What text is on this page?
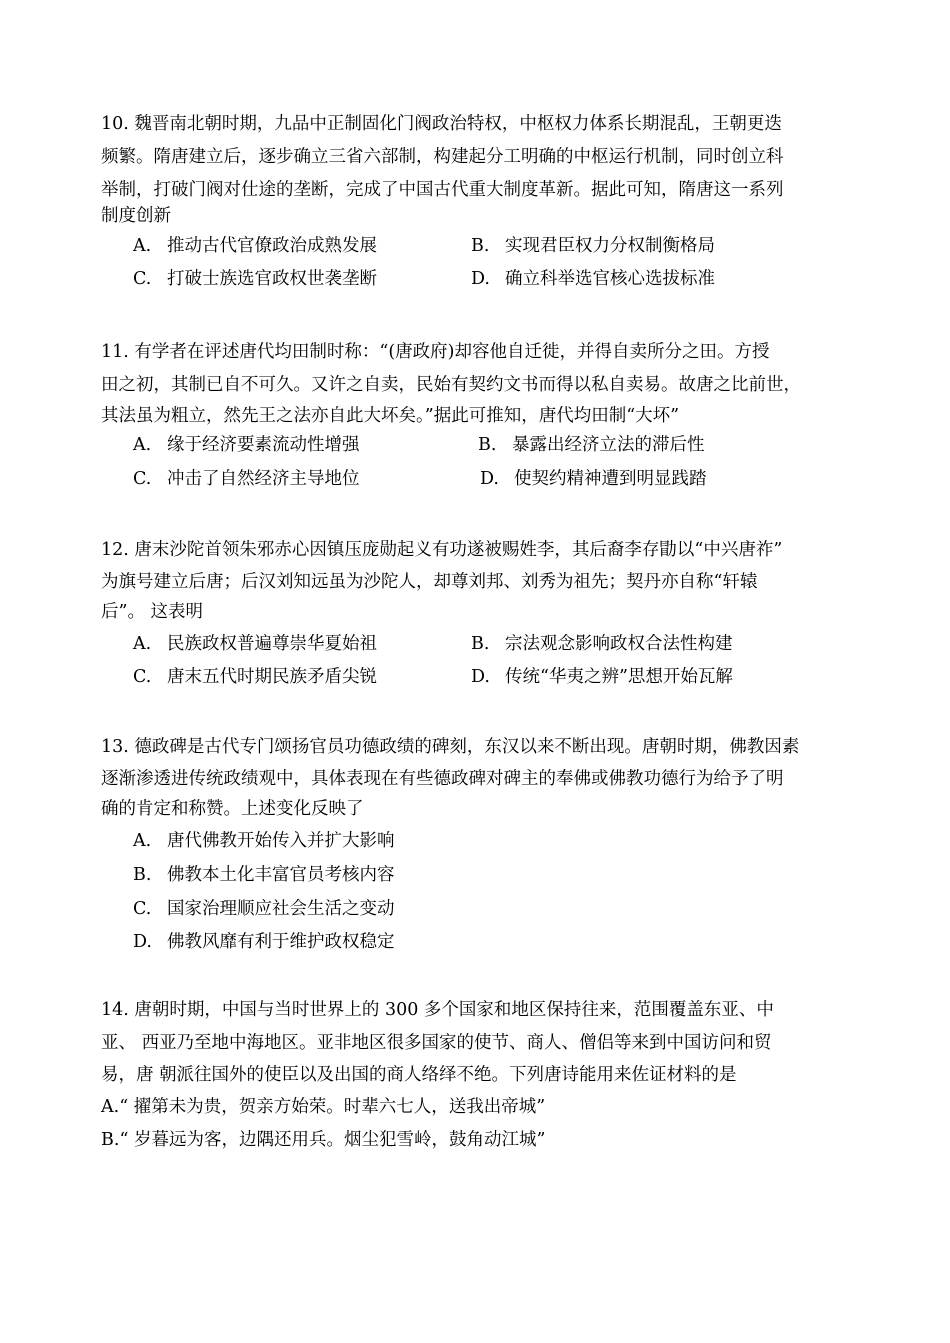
10. 魏晋南北朝时期，九品中正制固化门阀政治特权，中枢权力体系长期混乱，王朝更迭
频繁。隋唐建立后，逐步确立三省六部制，构建起分工明确的中枢运行机制，同时创立科
举制，打破门阀对仕途的垄断，完成了中国古代重大制度革新。据此可知，隋唐这一系列
制度创新
A. 推动古代官僚政治成熟发展	B. 实现君臣权力分权制衡格局
C. 打破士族选官政权世袭垄断	D. 确立科举选官核心选拔标准
11. 有学者在评述唐代均田制时称：“(唐政府)却容他自迁徙，并得自卖所分之田。方授
田之初，其制已自不可久。又许之自卖，民始有契约文书而得以私自卖易。故唐之比前世，
其法虽为粗立，然先王之法亦自此大坏矣。”据此可推知，唐代均田制“大坏”
A. 缘于经济要素流动性增强	B. 暴露出经济立法的滞后性
C. 冲击了自然经济主导地位	D. 使契约精神遭到明显践踏
12. 唐末沙陀首领朱邪赤心因镇压庞勋起义有功遂被赐姓李，其后裔李存勖以“中兴唐祚”
为旗号建立后唐；后汉刘知远虽为沙陀人，却尊刘邦、刘秀为祖先；契丹亦自称“轩辕
后”。 这表明
A. 民族政权普遍尊崇华夏始祖	B. 宗法观念影响政权合法性构建
C. 唐末五代时期民族矛盾尖锐	D. 传统“华夷之辨”思想开始瓦解
13. 德政碑是古代专门颂扬官员功德政绩的碑刻，东汉以来不断出现。唐朝时期，佛教因素
逐渐渗透进传统政绩观中，具体表现在有些德政碑对碑主的奉佛或佛教功德行为给予了明
确的肯定和称赞。上述变化反映了
A. 唐代佛教开始传入并扩大影响
B. 佛教本土化丰富官员考核内容
C. 国家治理顺应社会生活之变动
D. 佛教风靡有利于维护政权稳定
14. 唐朝时期，中国与当时世界上的 300 多个国家和地区保持往来，范围覆盖东亚、中
亚、 西亚乃至地中海地区。亚非地区很多国家的使节、商人、僧侣等来到中国访问和贸
易，唐 朝派往国外的使臣以及出国的商人络绎不绝。下列唐诗能用来佐证材料的是
A.“ 擢第未为贵，贺亲方始荣。时辈六七人，送我出帝城”
B.“ 岁暮远为客，边隅还用兵。烟尘犯雪岭，鼓角动江城”
